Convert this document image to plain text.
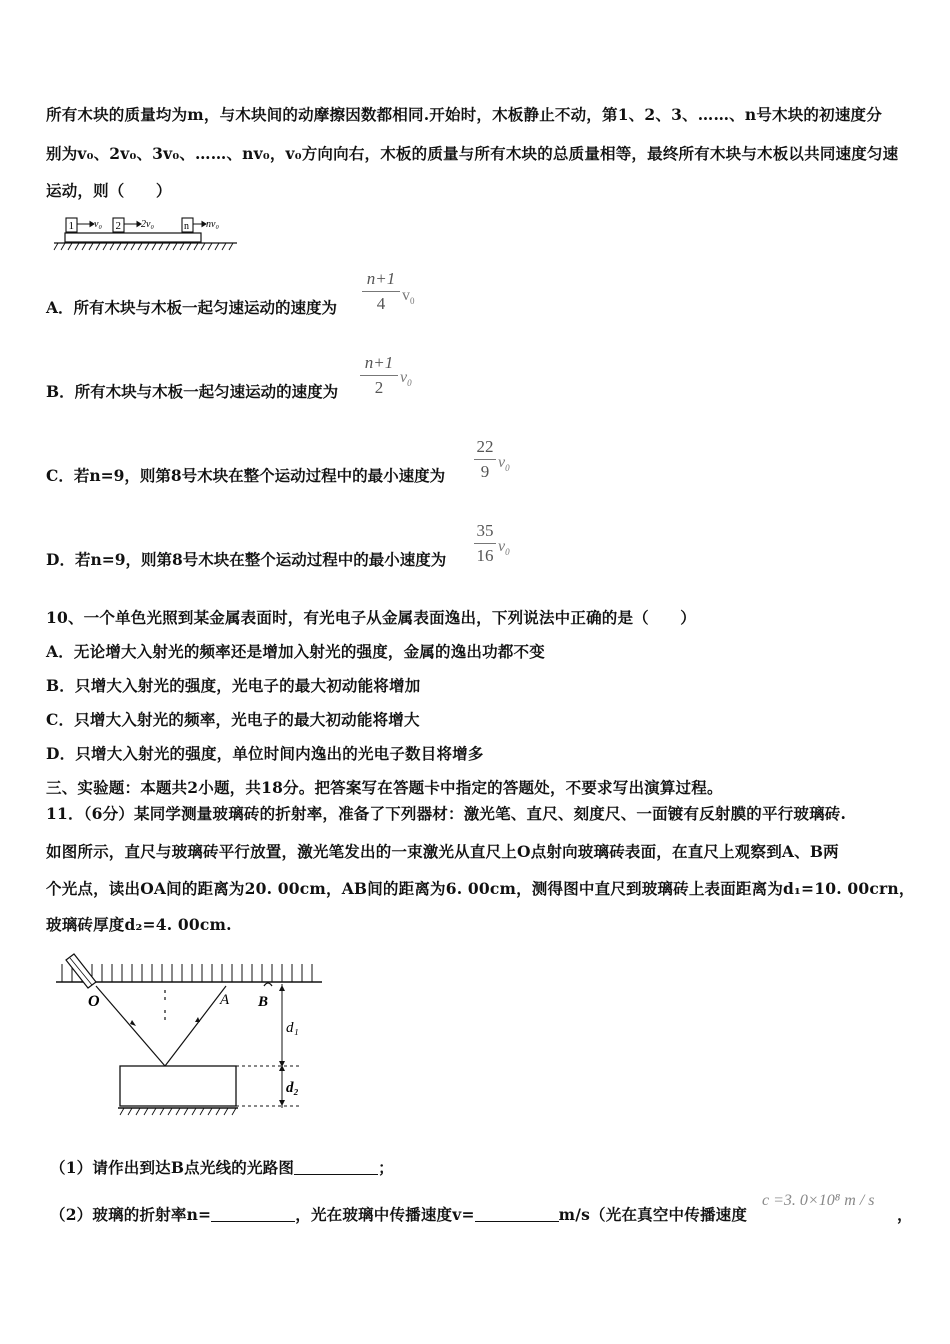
所有木块的质量均为m，与木块间的动摩擦因数都相同.开始时，木板静止不动，第1、2、3、……、n号木块的初速度分
别为v₀、2v₀、3v₀、……、nv₀，v₀方向向右，木板的质量与所有木块的总质量相等，最终所有木块与木板以共同速度匀速
运动，则（　　）
1	2	n
v₀	2v₀	nv₀
A．所有木块与木板一起匀速运动的速度为
n+1
4	$v_0$
B．所有木块与木板一起匀速运动的速度为
n+1
2
$v_0$
C．若n=9，则第8号木块在整个运动过程中的最小速度为
22
9 $v_0$
D．若n=9，则第8号木块在整个运动过程中的最小速度为
35
16 $v_0$
10、一个单色光照到某金属表面时，有光电子从金属表面逸出，下列说法中正确的是（　　）
A．无论增大入射光的频率还是增加入射光的强度，金属的逸出功都不变
B．只增大入射光的强度，光电子的最大初动能将增加
C．只增大入射光的频率，光电子的最大初动能将增大
D．只增大入射光的强度，单位时间内逸出的光电子数目将增多
三、实验题：本题共2小题，共18分。把答案写在答题卡中指定的答题处，不要求写出演算过程。
11．（6分）某同学测量玻璃砖的折射率，准备了下列器材：激光笔、直尺、刻度尺、一面镀有反射膜的平行玻璃砖.
如图所示，直尺与玻璃砖平行放置，激光笔发出的一束激光从直尺上O点射向玻璃砖表面，在直尺上观察到A、B两
个光点，读出OA间的距离为20. 00cm，AB间的距离为6. 00cm，测得图中直尺到玻璃砖上表面距离为d₁=10. 00crn，
玻璃砖厚度d₂=4. 00cm.
O	A B
d₁
d₂
（1）请作出到达B点光线的光路图	；
（2）玻璃的折射率n=	，光在玻璃中传播速度v=	m/s（光在真空中传播速度
c =3. 0×10⁸ m / s
，
